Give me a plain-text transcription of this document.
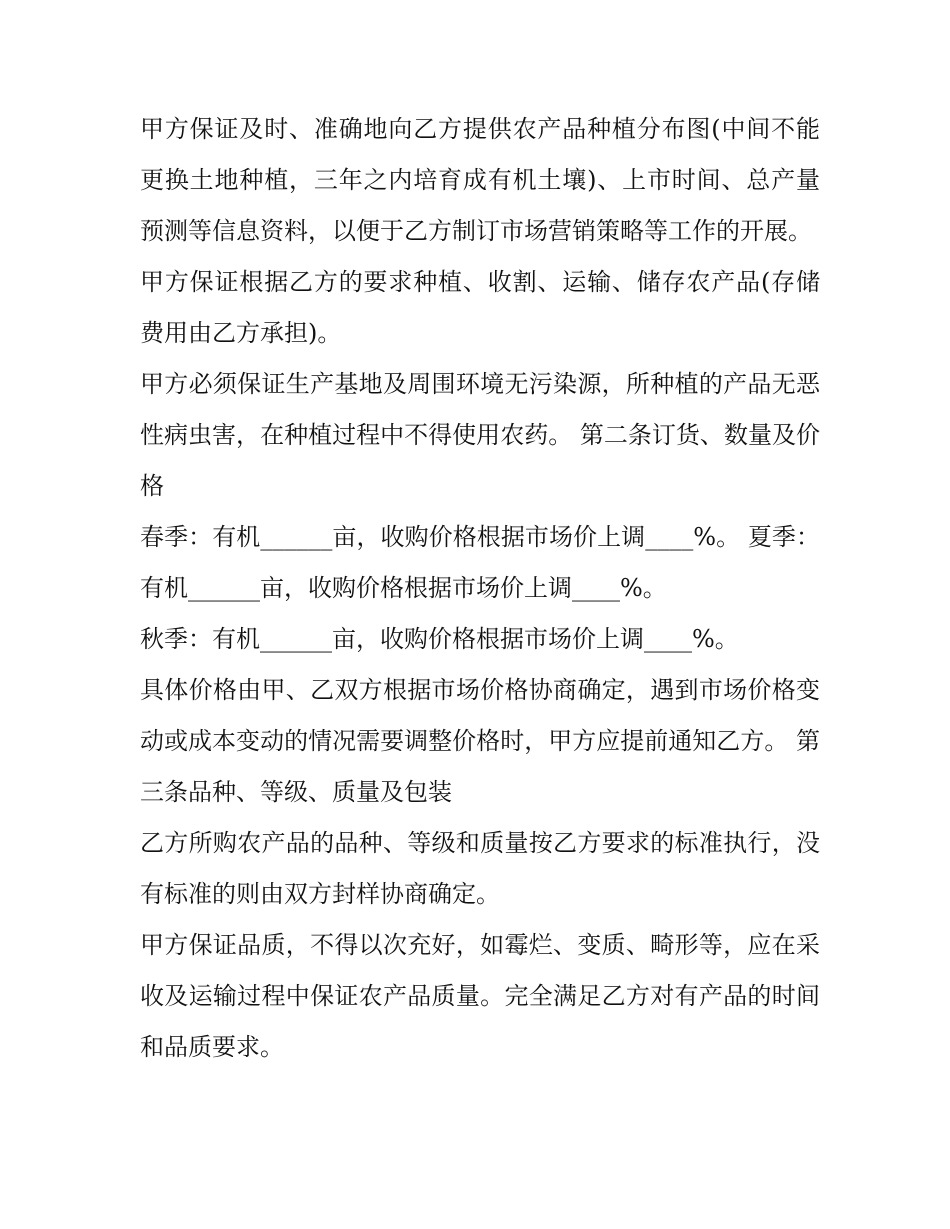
甲方保证及时、准确地向乙方提供农产品种植分布图(中间不能更换土地种植，三年之内培育成有机土壤)、上市时间、总产量预测等信息资料，以便于乙方制订市场营销策略等工作的开展。

甲方保证根据乙方的要求种植、收割、运输、储存农产品(存储费用由乙方承担)。

甲方必须保证生产基地及周围环境无污染源，所种植的产品无恶性病虫害，在种植过程中不得使用农药。 第二条订货、数量及价格

春季：有机______亩，收购价格根据市场价上调____%。 夏季：有机______亩，收购价格根据市场价上调____%。

秋季：有机______亩，收购价格根据市场价上调____%。

具体价格由甲、乙双方根据市场价格协商确定，遇到市场价格变动或成本变动的情况需要调整价格时，甲方应提前通知乙方。 第三条品种、等级、质量及包装

乙方所购农产品的品种、等级和质量按乙方要求的标准执行，没有标准的则由双方封样协商确定。

甲方保证品质，不得以次充好，如霉烂、变质、畸形等，应在采收及运输过程中保证农产品质量。完全满足乙方对有产品的时间和品质要求。
